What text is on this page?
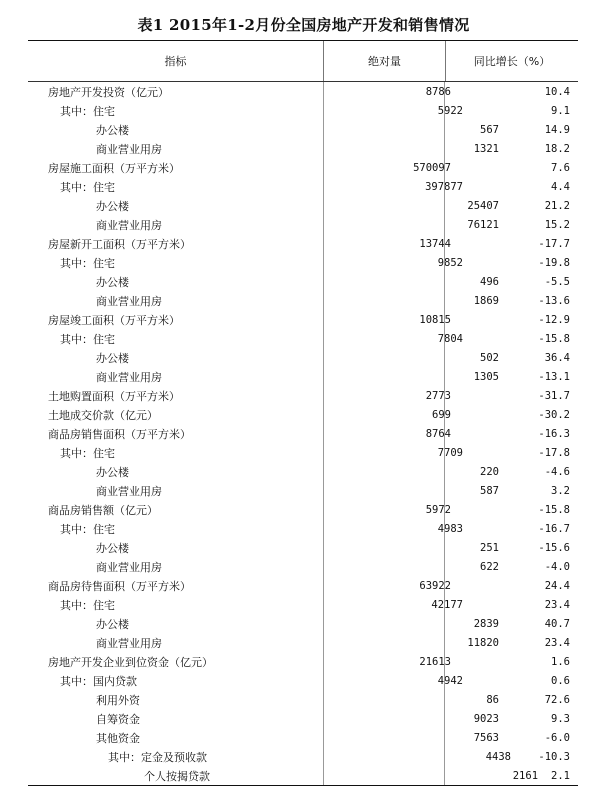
表1 2015年1-2月份全国房地产开发和销售情况
指标	绝对量	同比增长（%）
房地产开发投资（亿元）	8786	10.4
其中：住宅	5922	9.1
办公楼	567	14.9
商业营业用房	1321	18.2
房屋施工面积（万平方米）	570097	7.6
其中：住宅	397877	4.4
办公楼	25407	21.2
商业营业用房	76121	15.2
房屋新开工面积（万平方米）	13744	-17.7
其中：住宅	9852	-19.8
办公楼	496	-5.5
商业营业用房	1869	-13.6
房屋竣工面积（万平方米）	10815	-12.9
其中：住宅	7804	-15.8
办公楼	502	36.4
商业营业用房	1305	-13.1
土地购置面积（万平方米）	2773	-31.7
土地成交价款（亿元）	699	-30.2
商品房销售面积（万平方米）	8764	-16.3
其中：住宅	7709	-17.8
办公楼	220	-4.6
商业营业用房	587	3.2
商品房销售额（亿元）	5972	-15.8
其中：住宅	4983	-16.7
办公楼	251	-15.6
商业营业用房	622	-4.0
商品房待售面积（万平方米）	63922	24.4
其中：住宅	42177	23.4
办公楼	2839	40.7
商业营业用房	11820	23.4
房地产开发企业到位资金（亿元）	21613	1.6
其中：国内贷款	4942	0.6
利用外资	86	72.6
自筹资金	9023	9.3
其他资金	7563	-6.0
其中：定金及预收款	4438	-10.3
个人按揭贷款	2161	2.1
